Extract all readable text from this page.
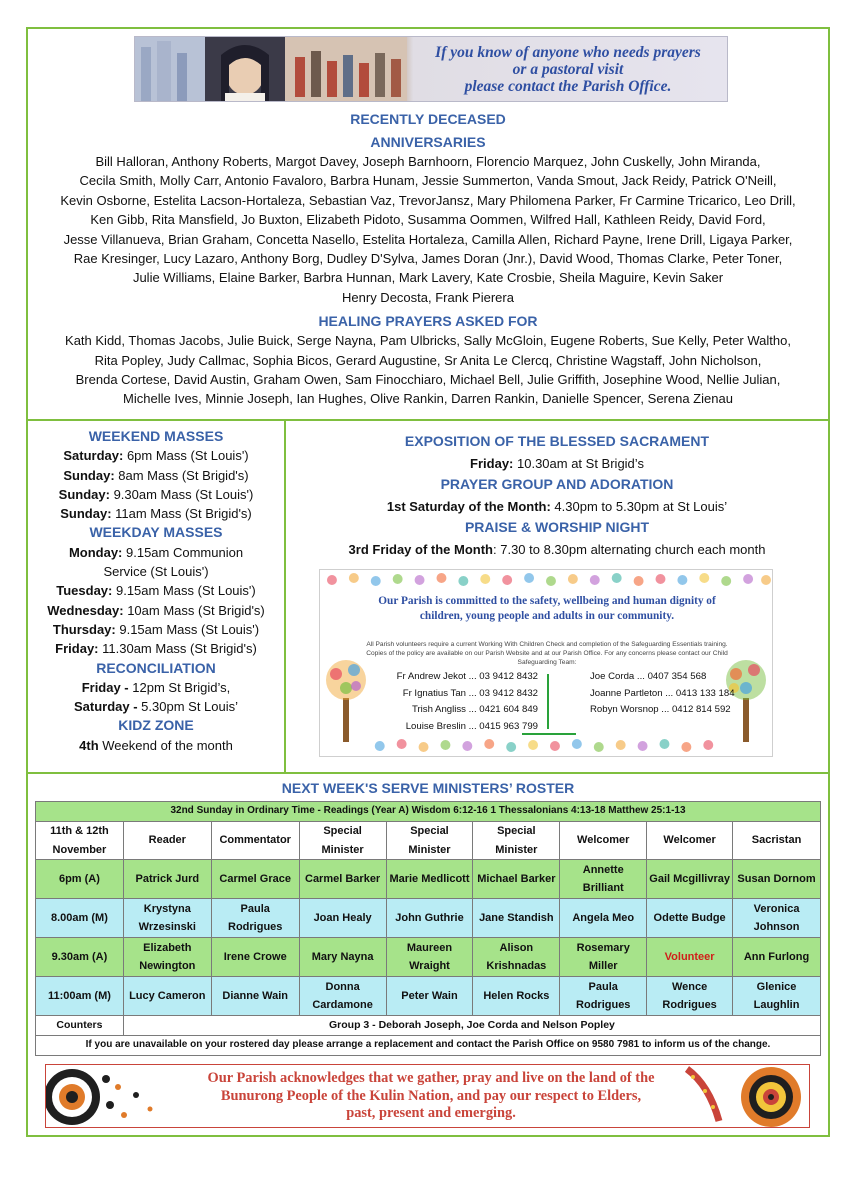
If you know of anyone who needs prayers
or a pastoral visit
please contact the Parish Office.
RECENTLY DECEASED
ANNIVERSARIES
Bill Halloran, Anthony Roberts, Margot Davey, Joseph Barnhoorn, Florencio Marquez, John Cuskelly, John Miranda,
Cecila Smith, Molly Carr, Antonio Favaloro, Barbra Hunam, Jessie Summerton, Vanda Smout, Jack Reidy, Patrick O'Neill,
Kevin Osborne, Estelita Lacson-Hortaleza, Sebastian Vaz, TrevorJansz, Mary Philomena Parker, Fr Carmine Tricarico, Leo Drill,
Ken Gibb, Rita Mansfield, Jo Buxton, Elizabeth Pidoto, Susamma Oommen, Wilfred Hall, Kathleen Reidy, David Ford,
Jesse Villanueva, Brian Graham, Concetta Nasello, Estelita Hortaleza, Camilla Allen, Richard Payne, Irene Drill, Ligaya Parker,
Rae Kresinger, Lucy Lazaro, Anthony Borg, Dudley D'Sylva, James Doran (Jnr.), David Wood, Thomas Clarke, Peter Toner,
Julie Williams, Elaine Barker, Barbra Hunnan, Mark Lavery, Kate Crosbie, Sheila Maguire, Kevin Saker
Henry Decosta, Frank Pierera
HEALING PRAYERS ASKED FOR
Kath Kidd, Thomas Jacobs, Julie Buick, Serge Nayna, Pam Ulbricks, Sally McGloin, Eugene Roberts, Sue Kelly, Peter Waltho,
Rita Popley, Judy Callmac, Sophia Bicos, Gerard Augustine, Sr Anita Le Clercq, Christine Wagstaff, John Nicholson,
Brenda Cortese, David Austin, Graham Owen, Sam Finocchiaro, Michael Bell, Julie Griffith, Josephine Wood, Nellie Julian,
Michelle Ives, Minnie Joseph, Ian Hughes, Olive Rankin, Darren Rankin, Danielle Spencer, Serena Zienau
WEEKEND MASSES
Saturday: 6pm Mass (St Louis')
Sunday: 8am Mass (St Brigid's)
Sunday: 9.30am Mass (St Louis')
Sunday: 11am Mass (St Brigid's)
WEEKDAY MASSES
Monday: 9.15am Communion
Service (St Louis')
Tuesday: 9.15am Mass (St Louis')
Wednesday: 10am Mass (St Brigid's)
Thursday: 9.15am Mass (St Louis')
Friday: 11.30am Mass (St Brigid's)
RECONCILIATION
Friday - 12pm St Brigid’s,
Saturday - 5.30pm St Louis’
KIDZ ZONE
4th Weekend of the month
EXPOSITION OF THE BLESSED SACRAMENT
Friday: 10.30am at St Brigid’s
PRAYER GROUP AND ADORATION
1st Saturday of the Month: 4.30pm to 5.30pm at St Louis’
PRAISE & WORSHIP NIGHT
3rd Friday of the Month: 7.30 to 8.30pm alternating church each month
Our Parish is committed to the safety, wellbeing and human dignity of children, young people and adults in our community.
All Parish volunteers require a current Working With Children Check and completion of the Safeguarding Essentials training.
Copies of the policy are available on our Parish Website and at our Parish Office. For any concerns please contact our Child Safeguarding Team:
Fr Andrew Jekot ... 03 9412 8432
Fr Ignatius Tan ... 03 9412 8432
Trish Angliss ... 0421 604 849
Louise Breslin ... 0415 963 799
Joe Corda ... 0407 354 568
Joanne Partleton ... 0413 133 184
Robyn Worsnop ... 0412 814 592
NEXT WEEK'S SERVE MINISTERS’ ROSTER
32nd Sunday in Ordinary Time - Readings (Year A) Wisdom 6:12-16 1 Thessalonians 4:13-18 Matthew 25:1-13								
11th & 12th November	Reader	Commentator	Special Minister	Special Minister	Special Minister	Welcomer	Welcomer	Sacristan
6pm (A)	Patrick Jurd	Carmel Grace	Carmel Barker	Marie Medlicott	Michael Barker	Annette Brilliant	Gail Mcgillivray	Susan Dornom
8.00am (M)	Krystyna Wrzesinski	Paula Rodrigues	Joan Healy	John Guthrie	Jane Standish	Angela Meo	Odette Budge	Veronica Johnson
9.30am (A)	Elizabeth Newington	Irene Crowe	Mary Nayna	Maureen Wraight	Alison Krishnadas	Rosemary Miller	Volunteer	Ann Furlong
11:00am (M)	Lucy Cameron	Dianne Wain	Donna Cardamone	Peter Wain	Helen Rocks	Paula Rodrigues	Wence Rodrigues	Glenice Laughlin
Counters	Group 3 - Deborah Joseph, Joe Corda and Nelson Popley							
If you are unavailable on your rostered day please arrange a replacement and contact the Parish Office on 9580 7981 to inform us of the change.								
Our Parish acknowledges that we gather, pray and live on the land of the
Bunurong People of the Kulin Nation, and pay our respect to Elders,
past, present and emerging.
